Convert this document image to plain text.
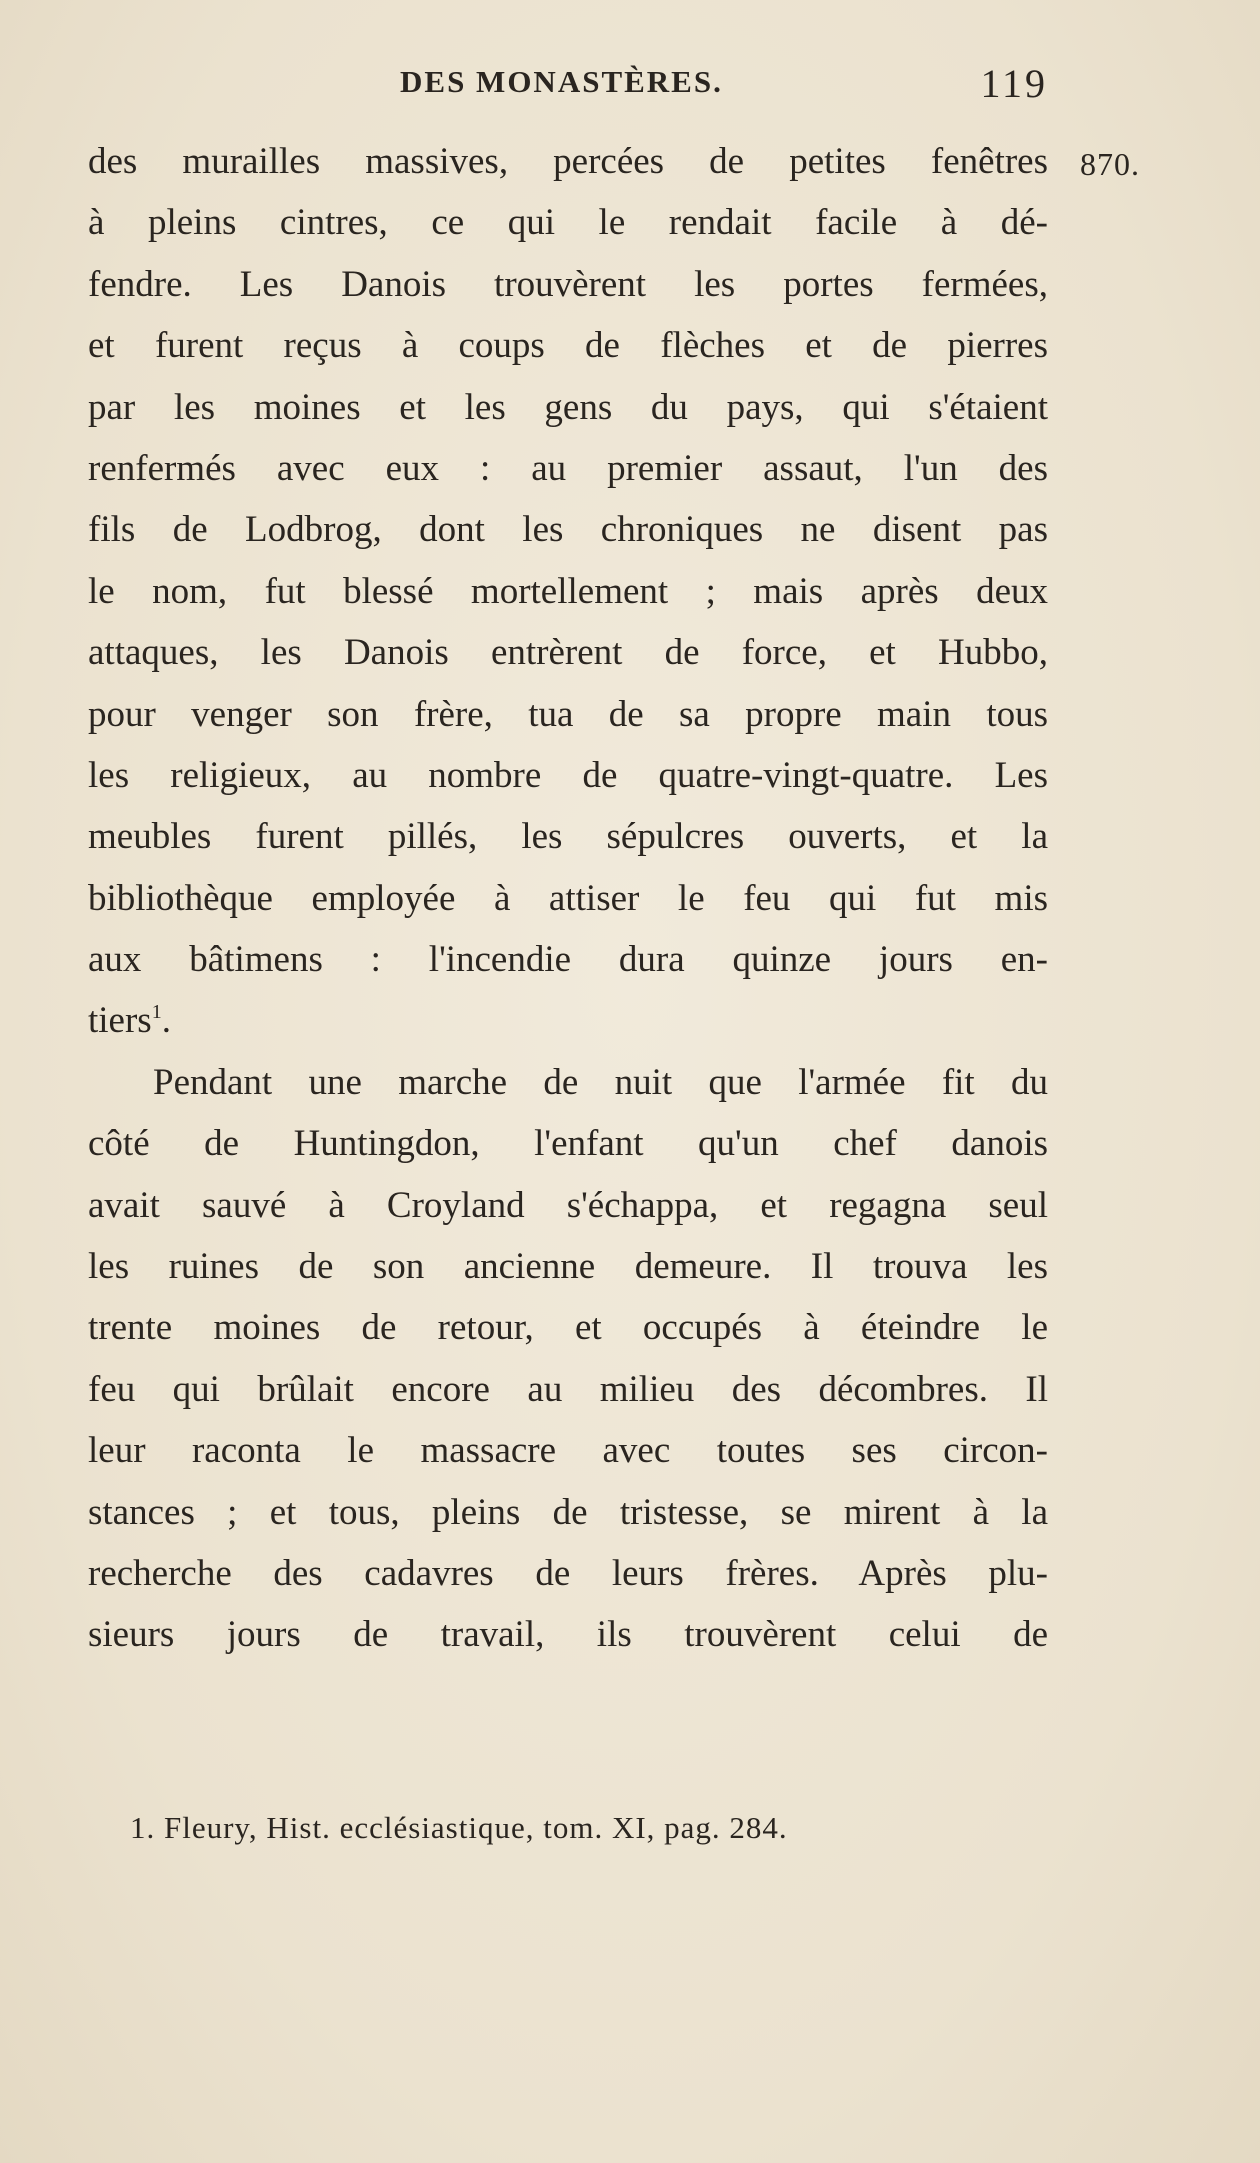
DES MONASTÈRES.	119
870.
des murailles massives, percées de petites fenêtres
à pleins cintres, ce qui le rendait facile à dé-
fendre. Les Danois trouvèrent les portes fermées,
et furent reçus à coups de flèches et de pierres
par les moines et les gens du pays, qui s'étaient
renfermés avec eux : au premier assaut, l'un des
fils de Lodbrog, dont les chroniques ne disent pas
le nom, fut blessé mortellement ; mais après deux
attaques, les Danois entrèrent de force, et Hubbo,
pour venger son frère, tua de sa propre main tous
les religieux, au nombre de quatre-vingt-quatre. Les
meubles furent pillés, les sépulcres ouverts, et la
bibliothèque employée à attiser le feu qui fut mis
aux bâtimens : l'incendie dura quinze jours en-
tiers$^1$.
Pendant une marche de nuit que l'armée fit du
côté de Huntingdon, l'enfant qu'un chef danois
avait sauvé à Croyland s'échappa, et regagna seul
les ruines de son ancienne demeure. Il trouva les
trente moines de retour, et occupés à éteindre le
feu qui brûlait encore au milieu des décombres. Il
leur raconta le massacre avec toutes ses circon-
stances ; et tous, pleins de tristesse, se mirent à la
recherche des cadavres de leurs frères. Après plu-
sieurs jours de travail, ils trouvèrent celui de
1. Fleury, Hist. ecclésiastique, tom. XI, pag. 284.
